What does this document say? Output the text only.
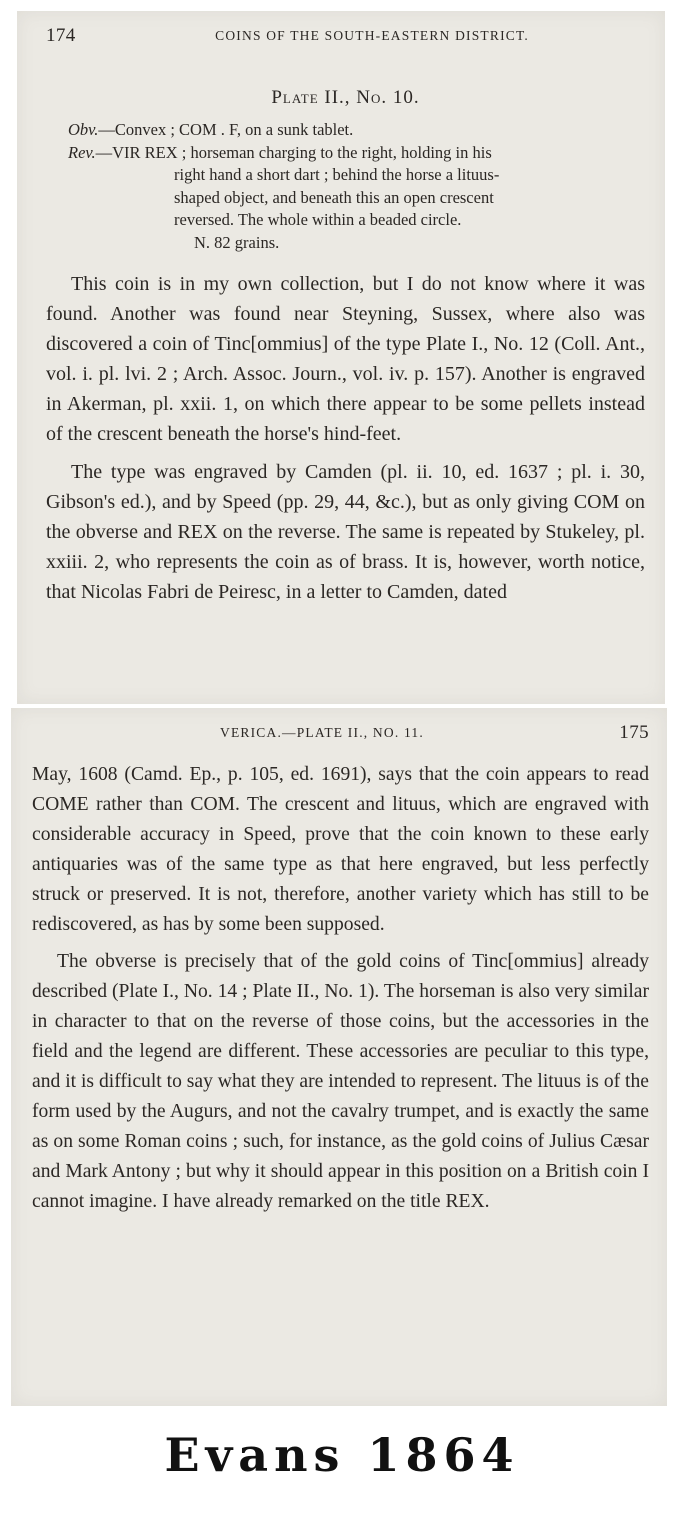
174	COINS OF THE SOUTH-EASTERN DISTRICT.
Plate II., No. 10.
Obv.—Convex ; COM . F, on a sunk tablet.
Rev. —VIR REX ; horseman charging to the right, holding in his
right hand a short dart ; behind the horse a lituus-
shaped object, and beneath this an open crescent
reversed. The whole within a beaded circle.
N. 82 grains.

This coin is in my own collection, but I do not know where it was found. Another was found near Steyning, Sussex, where also was discovered a coin of Tinc[ommius] of the type Plate I., No. 12 (Coll. Ant., vol. i. pl. lvi. 2 ; Arch. Assoc. Journ., vol. iv. p. 157). Another is engraved in Akerman, pl. xxii. 1, on which there appear to be some pellets instead of the crescent beneath the horse's hind-feet.

The type was engraved by Camden (pl. ii. 10, ed. 1637 ; pl. i. 30, Gibson's ed.), and by Speed (pp. 29, 44, &c.), but as only giving COM on the obverse and REX on the reverse. The same is repeated by Stukeley, pl. xxiii. 2, who represents the coin as of brass. It is, however, worth notice, that Nicolas Fabri de Peiresc, in a letter to Camden, dated

VERICA.—PLATE II., NO. 11.	175

May, 1608 (Camd. Ep., p. 105, ed. 1691), says that the coin appears to read COME rather than COM. The crescent and lituus, which are engraved with considerable accuracy in Speed, prove that the coin known to these early antiquaries was of the same type as that here engraved, but less perfectly struck or preserved. It is not, therefore, another variety which has still to be rediscovered, as has by some been supposed.

The obverse is precisely that of the gold coins of Tinc[ommius] already described (Plate I., No. 14 ; Plate II., No. 1). The horseman is also very similar in character to that on the reverse of those coins, but the accessories in the field and the legend are different. These accessories are peculiar to this type, and it is difficult to say what they are intended to represent. The lituus is of the form used by the Augurs, and not the cavalry trumpet, and is exactly the same as on some Roman coins ; such, for instance, as the gold coins of Julius Cæsar and Mark Antony ; but why it should appear in this position on a British coin I cannot imagine. I have already remarked on the title REX.

Evans 1864
